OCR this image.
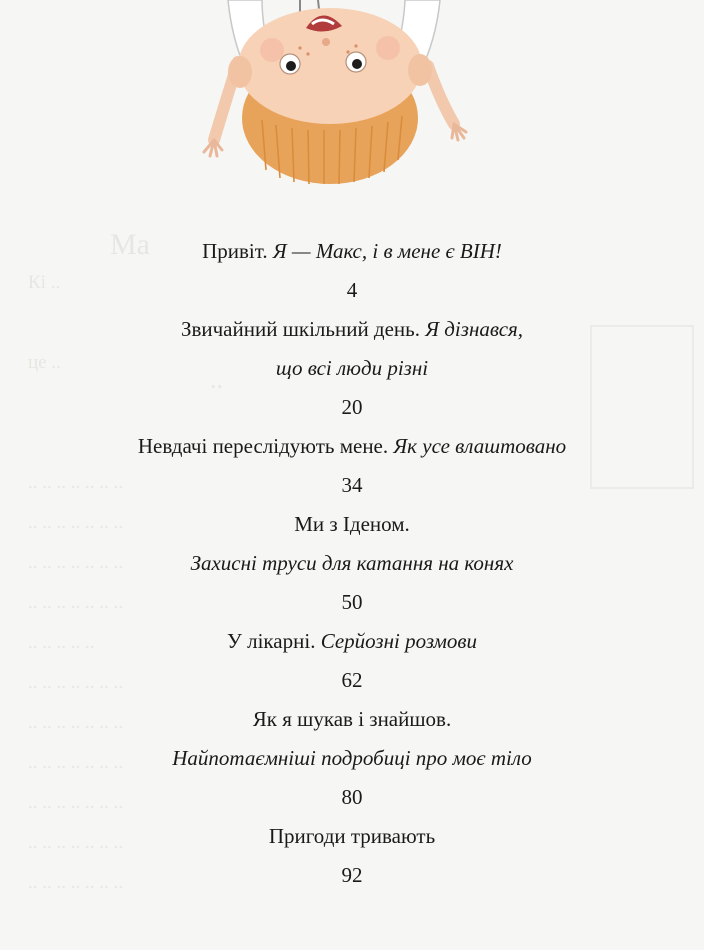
Ма
Кі ..
це ..
..
.. .. .. .. .. .. ..
.. .. .. .. .. .. ..
.. .. .. .. .. .. ..
.. .. .. .. .. .. ..
.. .. .. .. ..
.. .. .. .. .. .. ..
.. .. .. .. .. .. ..
.. .. .. .. .. .. ..
.. .. .. .. .. .. ..
.. .. .. .. .. .. ..
.. .. .. .. .. .. ..
Привіт. Я — Макс, і в мене є ВІН!
4
Звичайний шкільний день. Я дізнався,
що всі люди різні
20
Невдачі переслідують мене. Як усе влаштовано
34
Ми з Іденом.
Захисні труси для катання на конях
50
У лікарні. Серйозні розмови
62
Як я шукав і знайшов.
Найпотаємніші подробиці про моє тіло
80
Пригоди тривають
92
